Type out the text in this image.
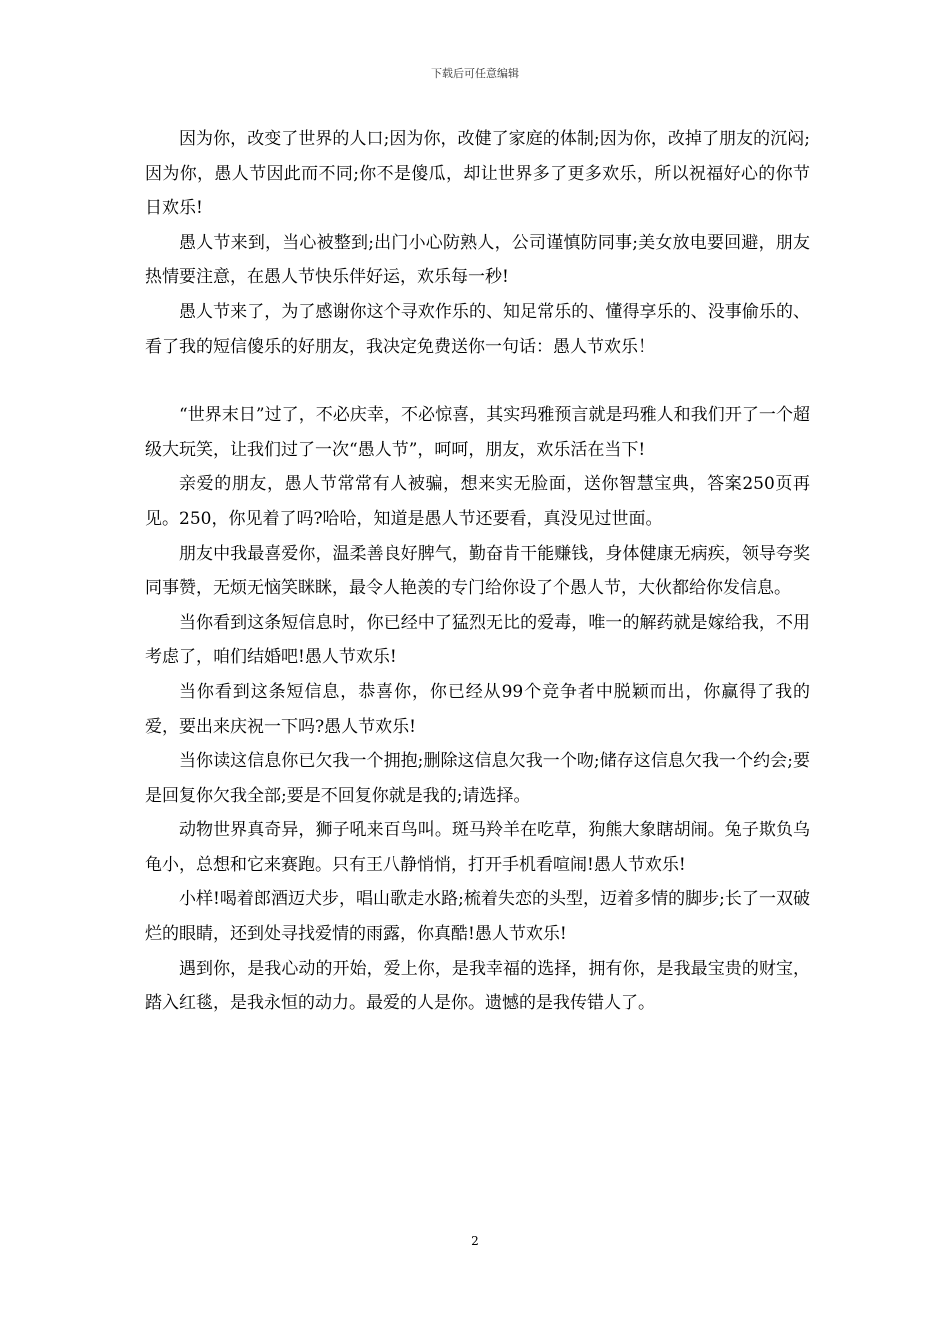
下载后可任意编辑

因为你，改变了世界的人口;因为你，改健了家庭的体制;因为你，改掉了朋友的沉闷;因为你，愚人节因此而不同;你不是傻瓜，却让世界多了更多欢乐，所以祝福好心的你节日欢乐!

愚人节来到，当心被整到;出门小心防熟人，公司谨慎防同事;美女放电要回避，朋友热情要注意，在愚人节快乐伴好运，欢乐每一秒!

愚人节来了，为了感谢你这个寻欢作乐的、知足常乐的、懂得享乐的、没事偷乐的、看了我的短信傻乐的好朋友，我决定免费送你一句话：愚人节欢乐！

“世界末日”过了，不必庆幸，不必惊喜，其实玛雅预言就是玛雅人和我们开了一个超级大玩笑，让我们过了一次“愚人节”，呵呵，朋友，欢乐活在当下!

亲爱的朋友，愚人节常常有人被骗，想来实无脸面，送你智慧宝典，答案250页再见。250，你见着了吗?哈哈，知道是愚人节还要看，真没见过世面。

朋友中我最喜爱你，温柔善良好脾气，勤奋肯干能赚钱，身体健康无病疾，领导夸奖同事赞，无烦无恼笑眯眯，最令人艳羡的专门给你设了个愚人节，大伙都给你发信息。

当你看到这条短信息时，你已经中了猛烈无比的爱毒，唯一的解药就是嫁给我，不用考虑了，咱们结婚吧!愚人节欢乐!

当你看到这条短信息，恭喜你，你已经从99个竞争者中脱颖而出，你赢得了我的爱，要出来庆祝一下吗?愚人节欢乐!

当你读这信息你已欠我一个拥抱;删除这信息欠我一个吻;储存这信息欠我一个约会;要是回复你欠我全部;要是不回复你就是我的;请选择。

动物世界真奇异，狮子吼来百鸟叫。斑马羚羊在吃草，狗熊大象瞎胡闹。兔子欺负乌龟小，总想和它来赛跑。只有王八静悄悄，打开手机看喧闹!愚人节欢乐!

小样!喝着郎酒迈犬步，唱山歌走水路;梳着失恋的头型，迈着多情的脚步;长了一双破烂的眼睛，还到处寻找爱情的雨露，你真酷!愚人节欢乐!

遇到你，是我心动的开始，爱上你，是我幸福的选择，拥有你，是我最宝贵的财宝，踏入红毯，是我永恒的动力。最爱的人是你。遗憾的是我传错人了。

2
